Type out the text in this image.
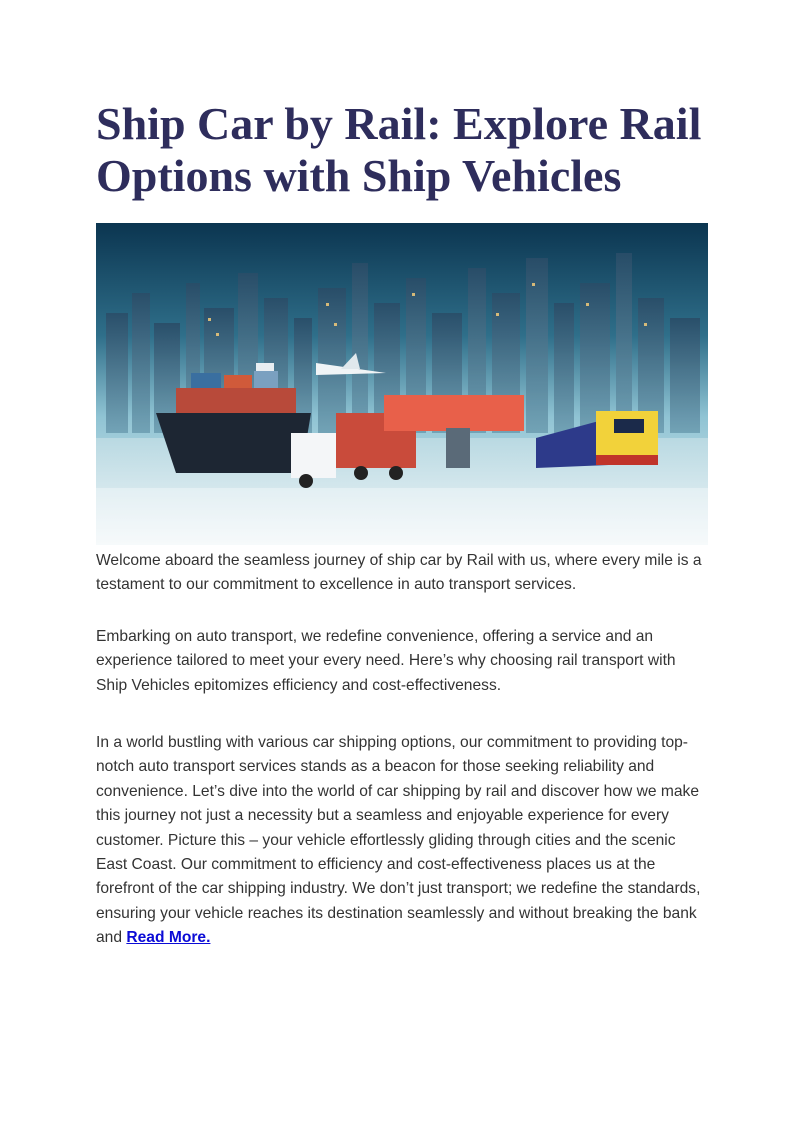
Ship Car by Rail: Explore Rail Options with Ship Vehicles

Welcome aboard the seamless journey of ship car by Rail with us, where every mile is a testament to our commitment to excellence in auto transport services.

Embarking on auto transport, we redefine convenience, offering a service and an experience tailored to meet your every need. Here’s why choosing rail transport with Ship Vehicles epitomizes efficiency and cost-effectiveness.

In a world bustling with various car shipping options, our commitment to providing top-notch auto transport services stands as a beacon for those seeking reliability and convenience. Let’s dive into the world of car shipping by rail and discover how we make this journey not just a necessity but a seamless and enjoyable experience for every customer. Picture this – your vehicle effortlessly gliding through cities and the scenic East Coast. Our commitment to efficiency and cost-effectiveness places us at the forefront of the car shipping industry. We don’t just transport; we redefine the standards, ensuring your vehicle reaches its destination seamlessly and without breaking the bank and Read More.
